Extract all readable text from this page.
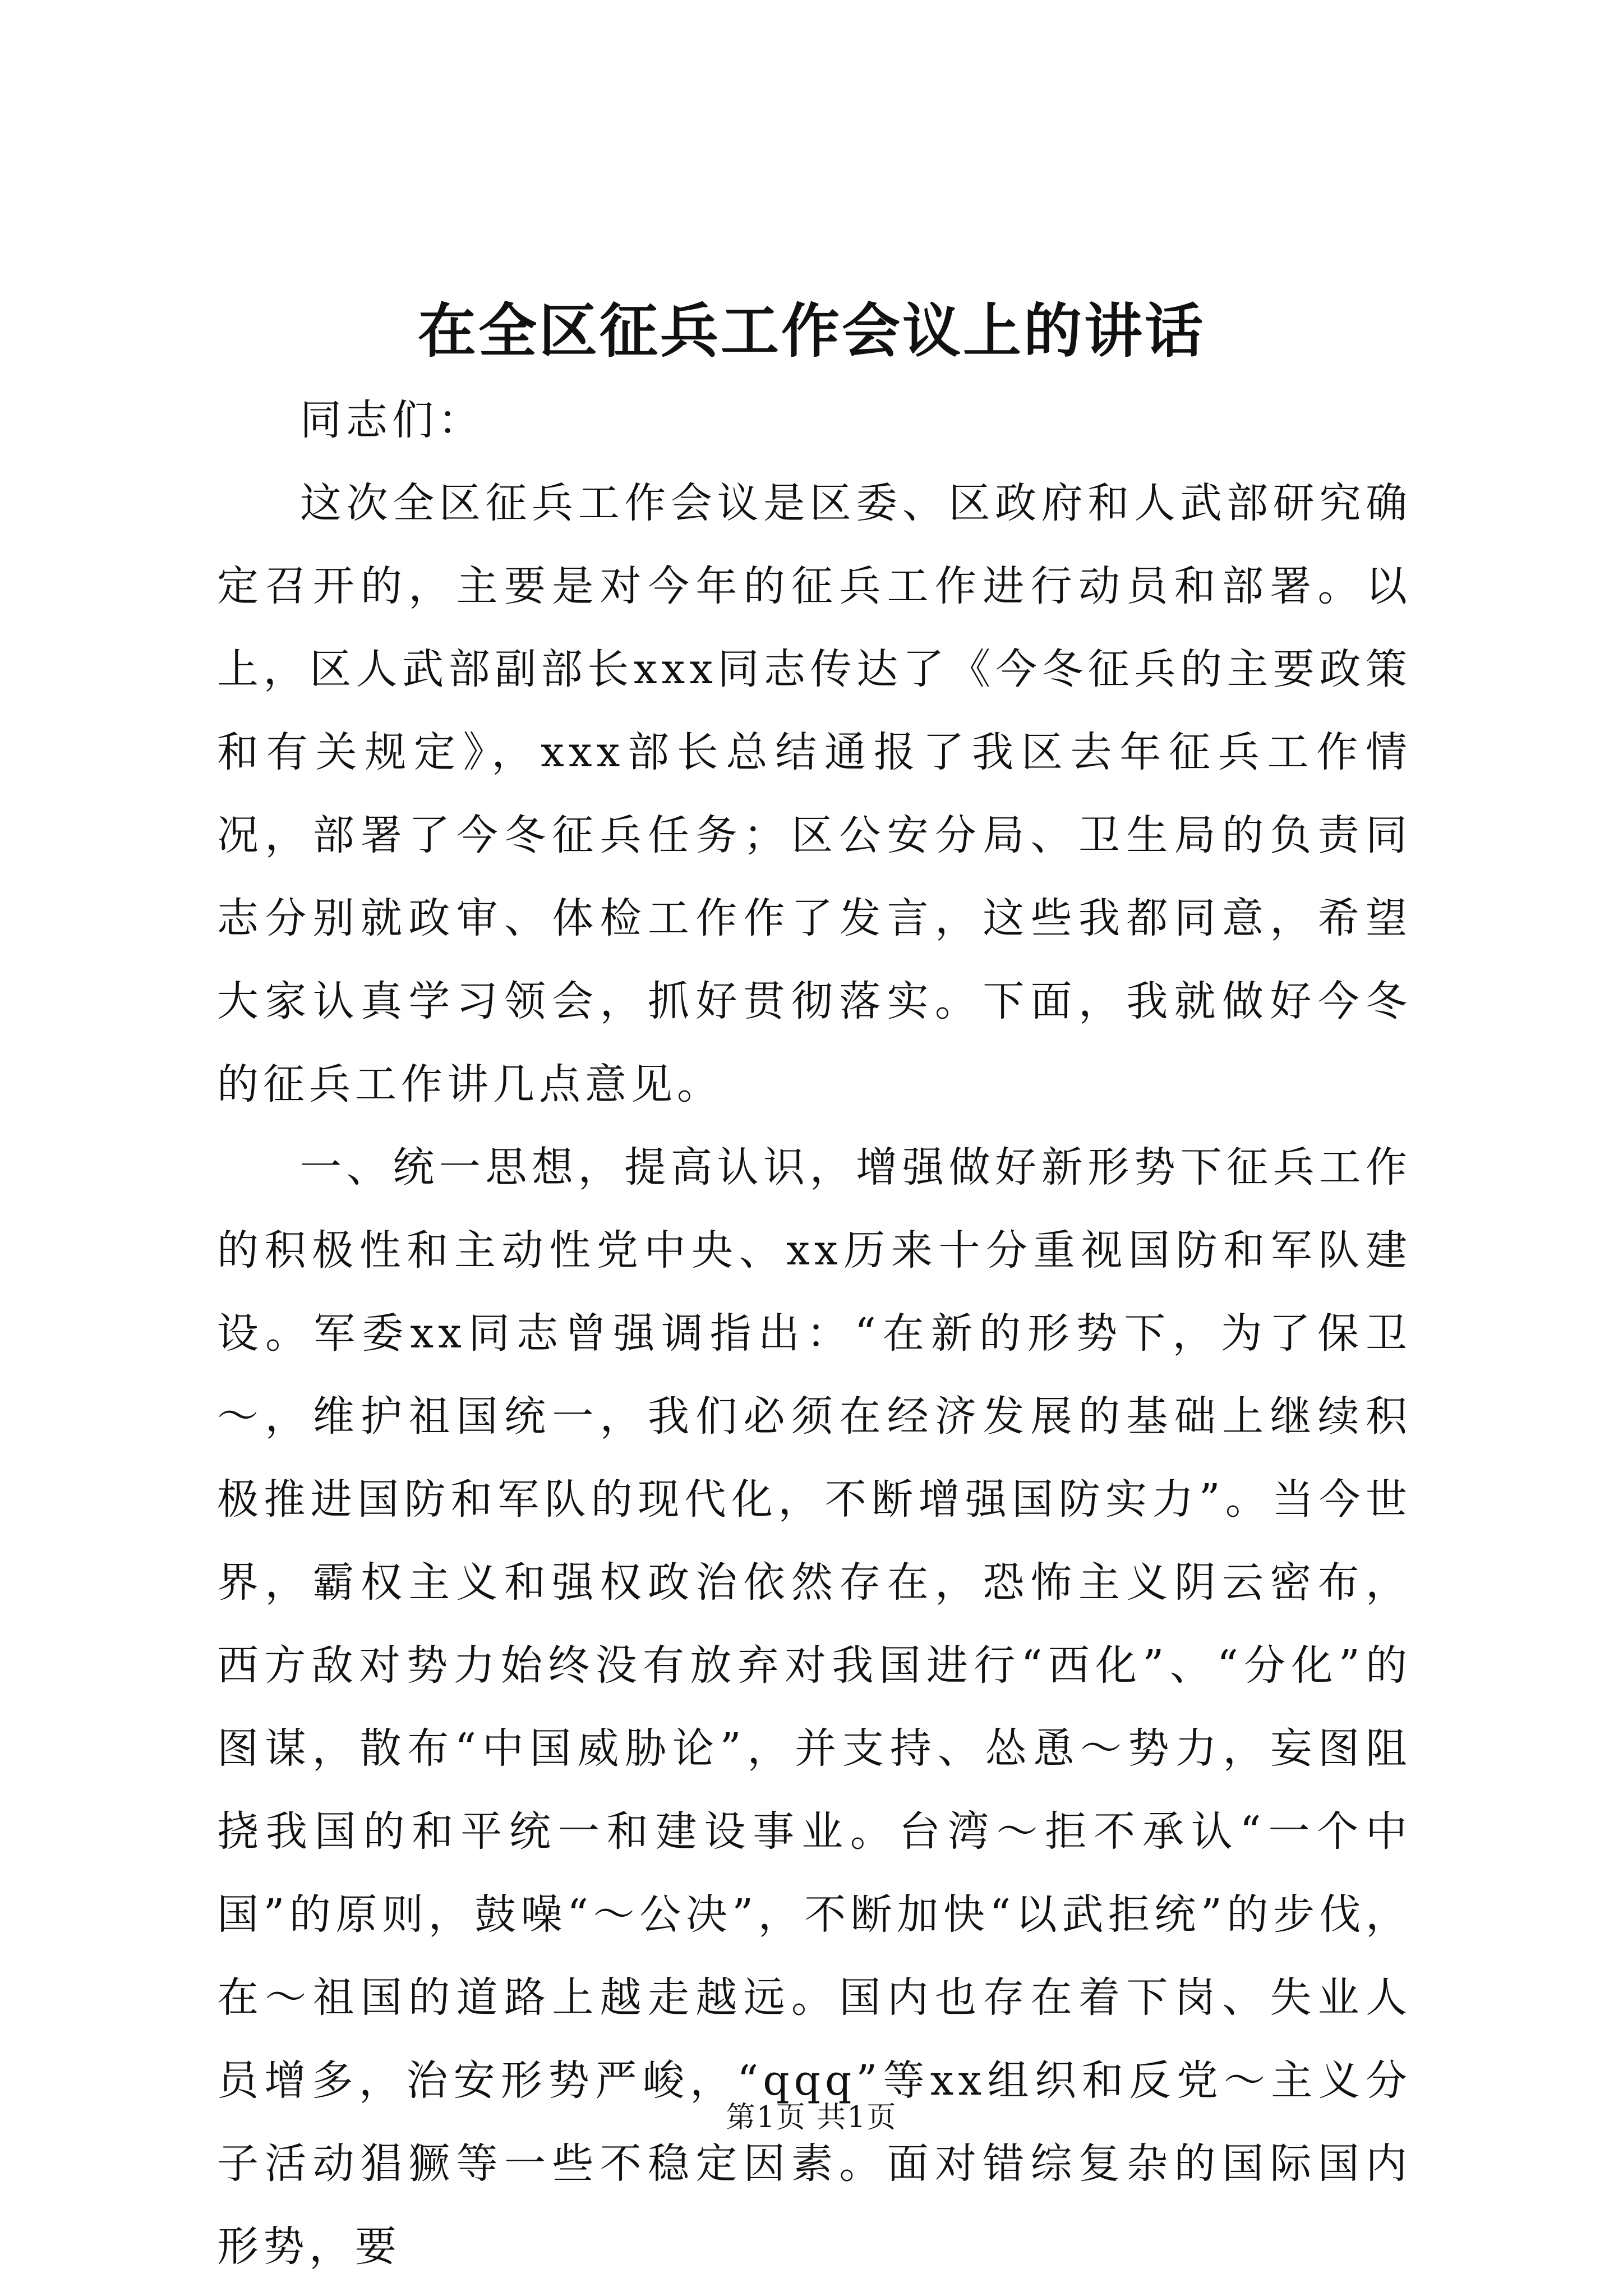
在全区征兵工作会议上的讲话

同志们：

这次全区征兵工作会议是区委、区政府和人武部研究确定召开的，主要是对今年的征兵工作进行动员和部署。以上，区人武部副部长xxx同志传达了《今冬征兵的主要政策和有关规定》，xxx部长总结通报了我区去年征兵工作情况，部署了今冬征兵任务；区公安分局、卫生局的负责同志分别就政审、体检工作作了发言，这些我都同意，希望大家认真学习领会，抓好贯彻落实。下面，我就做好今冬的征兵工作讲几点意见。

一、统一思想，提高认识，增强做好新形势下征兵工作的积极性和主动性党中央、xx历来十分重视国防和军队建设。军委xx同志曾强调指出：“在新的形势下，为了保卫～，维护祖国统一，我们必须在经济发展的基础上继续积极推进国防和军队的现代化，不断增强国防实力”。当今世界，霸权主义和强权政治依然存在，恐怖主义阴云密布，西方敌对势力始终没有放弃对我国进行“西化”、“分化”的图谋，散布“中国威胁论”，并支持、怂恿～势力，妄图阻挠我国的和平统一和建设事业。台湾～拒不承认“一个中国”的原则，鼓噪“～公决”，不断加快“以武拒统”的步伐，在～祖国的道路上越走越远。国内也存在着下岗、失业人员增多，治安形势严峻，“qqq”等xx组织和反党～主义分子活动猖獗等一些不稳定因素。面对错综复杂的国际国内形势，要

第1页 共1页
